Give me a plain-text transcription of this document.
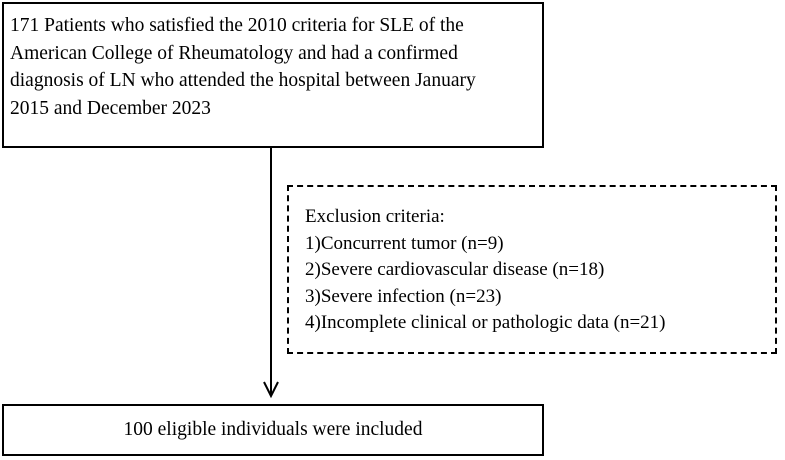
171 Patients who satisfied the 2010 criteria for SLE of the
American College of Rheumatology and had a confirmed
diagnosis of LN who attended the hospital between January
2015 and December 2023
Exclusion criteria:
1)Concurrent tumor (n=9)
2)Severe cardiovascular disease (n=18)
3)Severe infection (n=23)
4)Incomplete clinical or pathologic data (n=21)
100 eligible individuals were included
